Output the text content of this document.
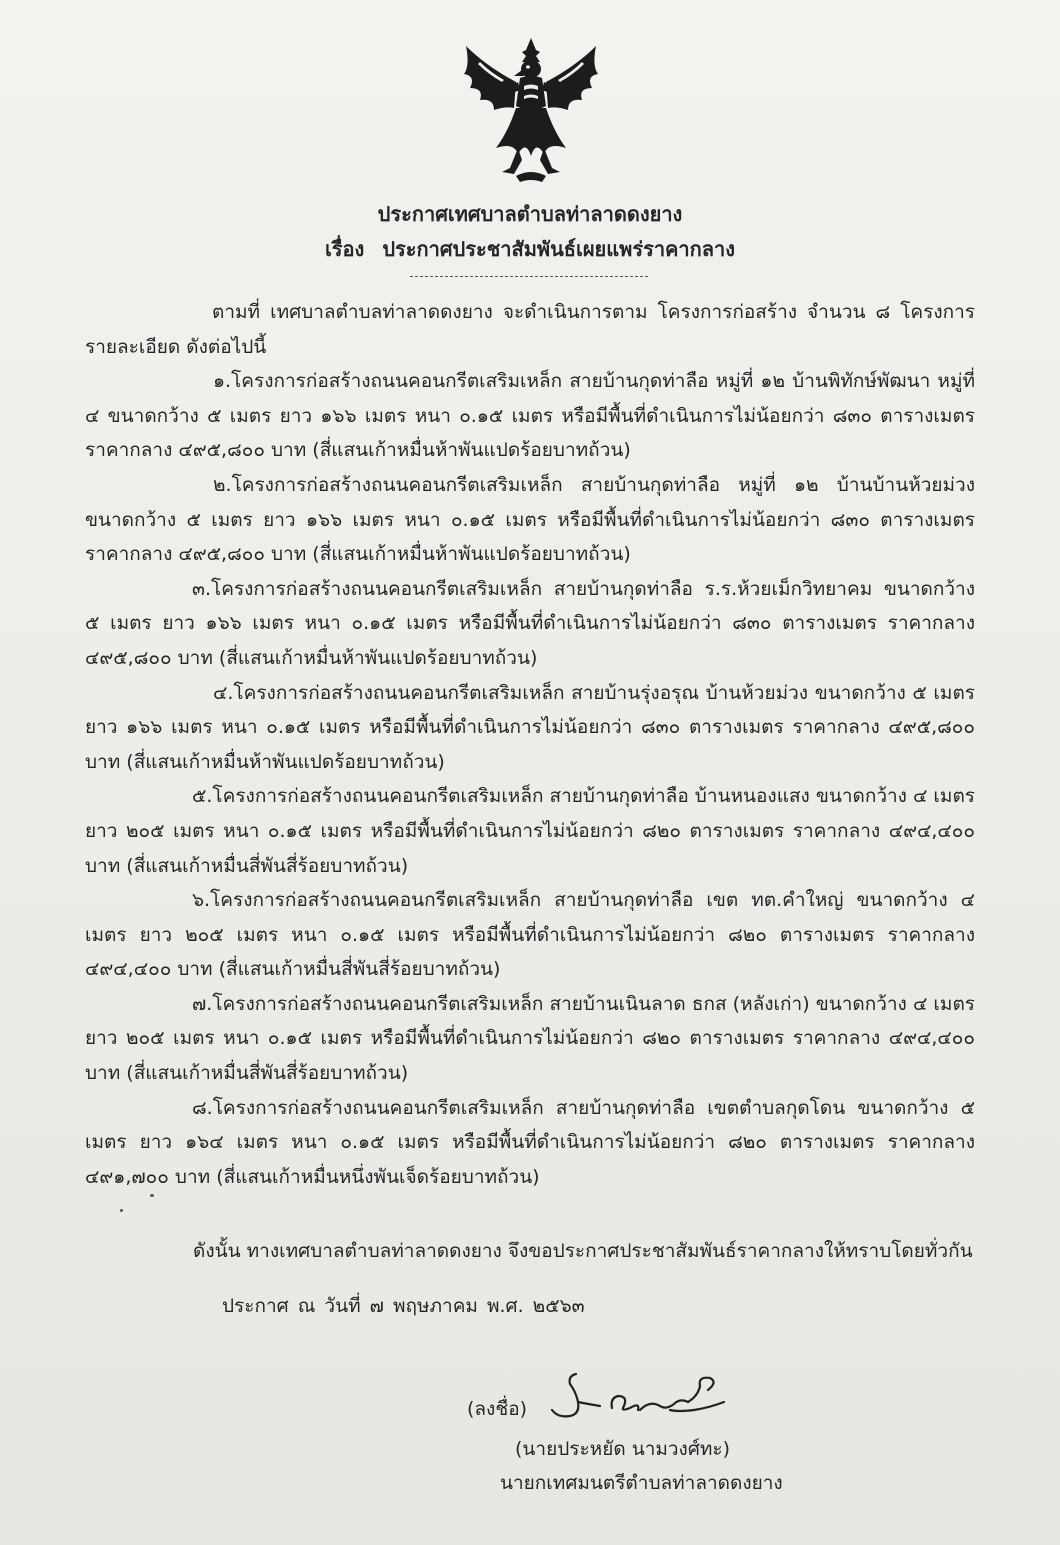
ประกาศเทศบาลตำบลท่าลาดดงยาง
เรื่อง ประกาศประชาสัมพันธ์เผยแพร่ราคากลาง

ตามที่ เทศบาลตำบลท่าลาดดงยาง จะดำเนินการตาม โครงการก่อสร้าง จำนวน ๘ โครงการ รายละเอียด ดังต่อไปนี้

๑.โครงการก่อสร้างถนนคอนกรีตเสริมเหล็ก สายบ้านกุดท่าลือ หมู่ที่ ๑๒ บ้านพิทักษ์พัฒนา หมู่ที่ ๔ ขนาดกว้าง ๕ เมตร ยาว ๑๖๖ เมตร หนา ๐.๑๕ เมตร หรือมีพื้นที่ดำเนินการไม่น้อยกว่า ๘๓๐ ตารางเมตร ราคากลาง ๔๙๕,๘๐๐ บาท (สี่แสนเก้าหมื่นห้าพันแปดร้อยบาทถ้วน)

๒.โครงการก่อสร้างถนนคอนกรีตเสริมเหล็ก สายบ้านกุดท่าลือ หมู่ที่ ๑๒ บ้านบ้านห้วยม่วง ขนาดกว้าง ๕ เมตร ยาว ๑๖๖ เมตร หนา ๐.๑๕ เมตร หรือมีพื้นที่ดำเนินการไม่น้อยกว่า ๘๓๐ ตารางเมตร ราคากลาง ๔๙๕,๘๐๐ บาท (สี่แสนเก้าหมื่นห้าพันแปดร้อยบาทถ้วน)

๓.โครงการก่อสร้างถนนคอนกรีตเสริมเหล็ก สายบ้านกุดท่าลือ ร.ร.ห้วยเม็กวิทยาคม ขนาดกว้าง ๕ เมตร ยาว ๑๖๖ เมตร หนา ๐.๑๕ เมตร หรือมีพื้นที่ดำเนินการไม่น้อยกว่า ๘๓๐ ตารางเมตร ราคากลาง ๔๙๕,๘๐๐ บาท (สี่แสนเก้าหมื่นห้าพันแปดร้อยบาทถ้วน)

๔.โครงการก่อสร้างถนนคอนกรีตเสริมเหล็ก สายบ้านรุ่งอรุณ บ้านห้วยม่วง ขนาดกว้าง ๕ เมตร ยาว ๑๖๖ เมตร หนา ๐.๑๕ เมตร หรือมีพื้นที่ดำเนินการไม่น้อยกว่า ๘๓๐ ตารางเมตร ราคากลาง ๔๙๕,๘๐๐ บาท (สี่แสนเก้าหมื่นห้าพันแปดร้อยบาทถ้วน)

๕.โครงการก่อสร้างถนนคอนกรีตเสริมเหล็ก สายบ้านกุดท่าลือ บ้านหนองแสง ขนาดกว้าง ๔ เมตร ยาว ๒๐๕ เมตร หนา ๐.๑๕ เมตร หรือมีพื้นที่ดำเนินการไม่น้อยกว่า ๘๒๐ ตารางเมตร ราคากลาง ๔๙๔,๔๐๐ บาท (สี่แสนเก้าหมื่นสี่พันสี่ร้อยบาทถ้วน)

๖.โครงการก่อสร้างถนนคอนกรีตเสริมเหล็ก สายบ้านกุดท่าลือ เขต ทต.คำใหญ่ ขนาดกว้าง ๔ เมตร ยาว ๒๐๕ เมตร หนา ๐.๑๕ เมตร หรือมีพื้นที่ดำเนินการไม่น้อยกว่า ๘๒๐ ตารางเมตร ราคากลาง ๔๙๔,๔๐๐ บาท (สี่แสนเก้าหมื่นสี่พันสี่ร้อยบาทถ้วน)

๗.โครงการก่อสร้างถนนคอนกรีตเสริมเหล็ก สายบ้านเนินลาด ธกส (หลังเก่า) ขนาดกว้าง ๔ เมตร ยาว ๒๐๕ เมตร หนา ๐.๑๕ เมตร หรือมีพื้นที่ดำเนินการไม่น้อยกว่า ๘๒๐ ตารางเมตร ราคากลาง ๔๙๔,๔๐๐ บาท (สี่แสนเก้าหมื่นสี่พันสี่ร้อยบาทถ้วน)

๘.โครงการก่อสร้างถนนคอนกรีตเสริมเหล็ก สายบ้านกุดท่าลือ เขตตำบลกุดโดน ขนาดกว้าง ๕ เมตร ยาว ๑๖๔ เมตร หนา ๐.๑๕ เมตร หรือมีพื้นที่ดำเนินการไม่น้อยกว่า ๘๒๐ ตารางเมตร ราคากลาง ๔๙๑,๗๐๐ บาท (สี่แสนเก้าหมื่นหนึ่งพันเจ็ดร้อยบาทถ้วน)

ดังนั้น ทางเทศบาลตำบลท่าลาดดงยาง จึงขอประกาศประชาสัมพันธ์ราคากลางให้ทราบโดยทั่วกัน
ประกาศ ณ วันที่ ๗ พฤษภาคม พ.ศ. ๒๕๖๓
(ลงชื่อ)
(นายประหยัด นามวงศ์ทะ)
นายกเทศมนตรีตำบลท่าลาดดงยาง
